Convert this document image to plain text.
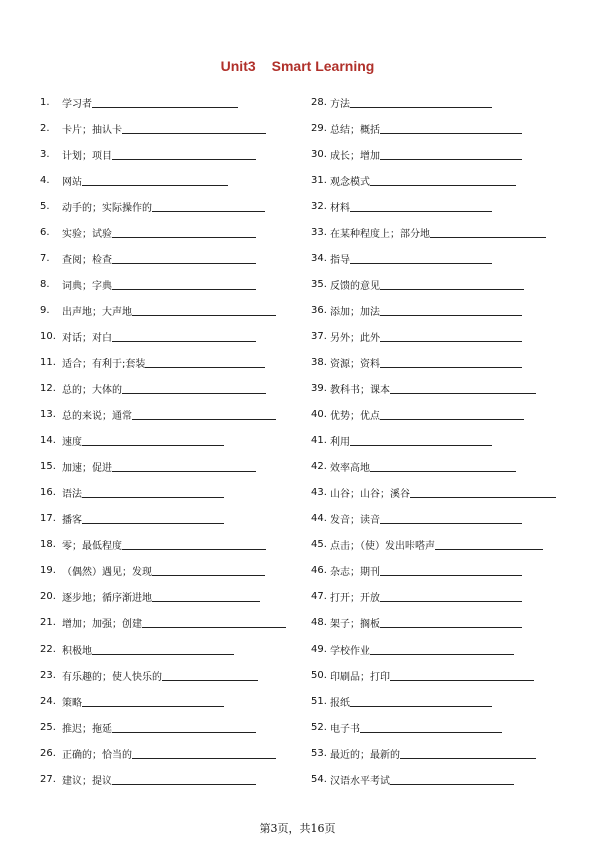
Unit3 Smart Learning
1.	学习者
2.	卡片；抽认卡
3.	计划；项目
4.	网站
5.	动手的；实际操作的
6.	实验；试验
7.	查阅；检查
8.	词典；字典
9.	出声地；大声地
10. 对话；对白
11. 适合；有利于;套装
12. 总的；大体的
13. 总的来说；通常
14. 速度
15. 加速；促进
16. 语法
17. 播客
18. 零；最低程度
19. （偶然）遇见；发现
20. 逐步地；循序渐进地
21. 增加；加强；创建
22. 积极地
23. 有乐趣的；使人快乐的
24. 策略
25. 推迟；拖延
26. 正确的；恰当的
27. 建议；提议
28. 方法
29. 总结；概括
30. 成长；增加
31. 观念模式
32. 材料
33. 在某种程度上；部分地
34. 指导
35. 反馈的意见
36. 添加；加法
37. 另外；此外
38. 资源；资料
39. 教科书；课本
40. 优势；优点
41. 利用
42. 效率高地
43. 山谷；山谷；溪谷
44. 发音；读音
45. 点击；（使）发出咔嗒声
46. 杂志；期刊
47. 打开；开放
48. 架子；搁板
49. 学校作业
50. 印刷品；打印
51. 报纸
52. 电子书
53. 最近的；最新的
54. 汉语水平考试
第3页，共16页
